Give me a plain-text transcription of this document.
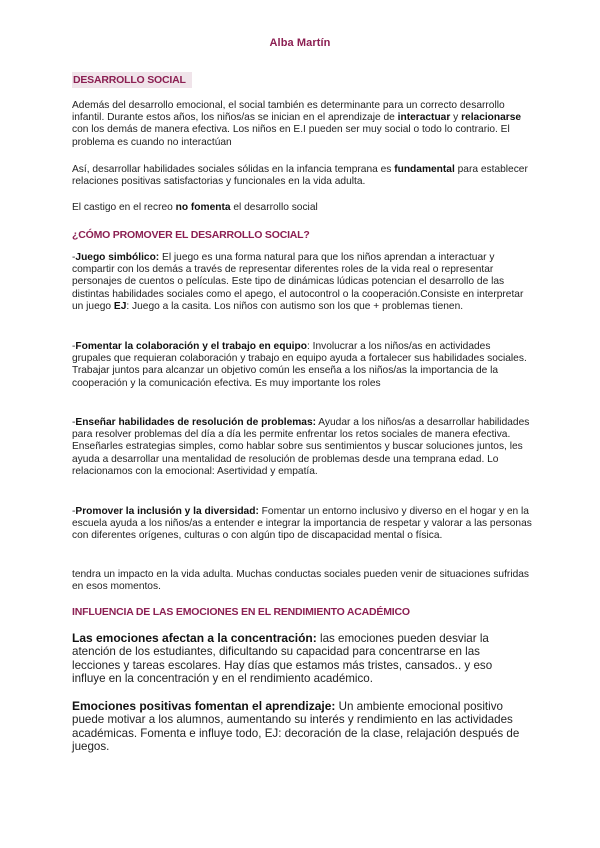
Alba Martín
DESARROLLO SOCIAL
Además del desarrollo emocional, el social también es determinante para un correcto desarrollo infantil. Durante estos años, los niños/as se inician en el aprendizaje de interactuar y relacionarse con los demás de manera efectiva. Los niños en E.I pueden ser muy social o todo lo contrario. El problema es cuando no interactúan
Así, desarrollar habilidades sociales sólidas en la infancia temprana es fundamental para establecer relaciones positivas satisfactorias y funcionales en la vida adulta.
El castigo en el recreo no fomenta el desarrollo social
¿CÓMO PROMOVER EL DESARROLLO SOCIAL?
-Juego simbólico: El juego es una forma natural para que los niños aprendan a interactuar y compartir con los demás a través de representar diferentes roles de la vida real o representar personajes de cuentos o películas. Este tipo de dinámicas lúdicas potencian el desarrollo de las distintas habilidades sociales como el apego, el autocontrol o la cooperación.Consiste en interpretar un juego EJ: Juego a la casita. Los niños con autismo son los que + problemas tienen.
-Fomentar la colaboración y el trabajo en equipo: Involucrar a los niños/as en actividades grupales que requieran colaboración y trabajo en equipo ayuda a fortalecer sus habilidades sociales. Trabajar juntos para alcanzar un objetivo común les enseña a los niños/as la importancia de la cooperación y la comunicación efectiva. Es muy importante los roles
-Enseñar habilidades de resolución de problemas: Ayudar a los niños/as a desarrollar habilidades para resolver problemas del día a día les permite enfrentar los retos sociales de manera efectiva. Enseñarles estrategias simples, como hablar sobre sus sentimientos y buscar soluciones juntos, les ayuda a desarrollar una mentalidad de resolución de problemas desde una temprana edad. Lo relacionamos con la emocional: Asertividad y empatía.
-Promover la inclusión y la diversidad: Fomentar un entorno inclusivo y diverso en el hogar y en la escuela ayuda a los niños/as a entender e integrar la importancia de respetar y valorar a las personas con diferentes orígenes, culturas o con algún tipo de discapacidad mental o física.
tendra un impacto en la vida adulta. Muchas conductas sociales pueden venir de situaciones sufridas en esos momentos.
INFLUENCIA DE LAS EMOCIONES EN EL RENDIMIENTO ACADÉMICO
Las emociones afectan a la concentración: las emociones pueden desviar la atención de los estudiantes, dificultando su capacidad para concentrarse en las lecciones y tareas escolares. Hay días que estamos más tristes, cansados.. y eso influye en la concentración y en el rendimiento académico.
Emociones positivas fomentan el aprendizaje: Un ambiente emocional positivo puede motivar a los alumnos, aumentando su interés y rendimiento en las actividades académicas. Fomenta e influye todo, EJ: decoración de la clase, relajación después de juegos.
